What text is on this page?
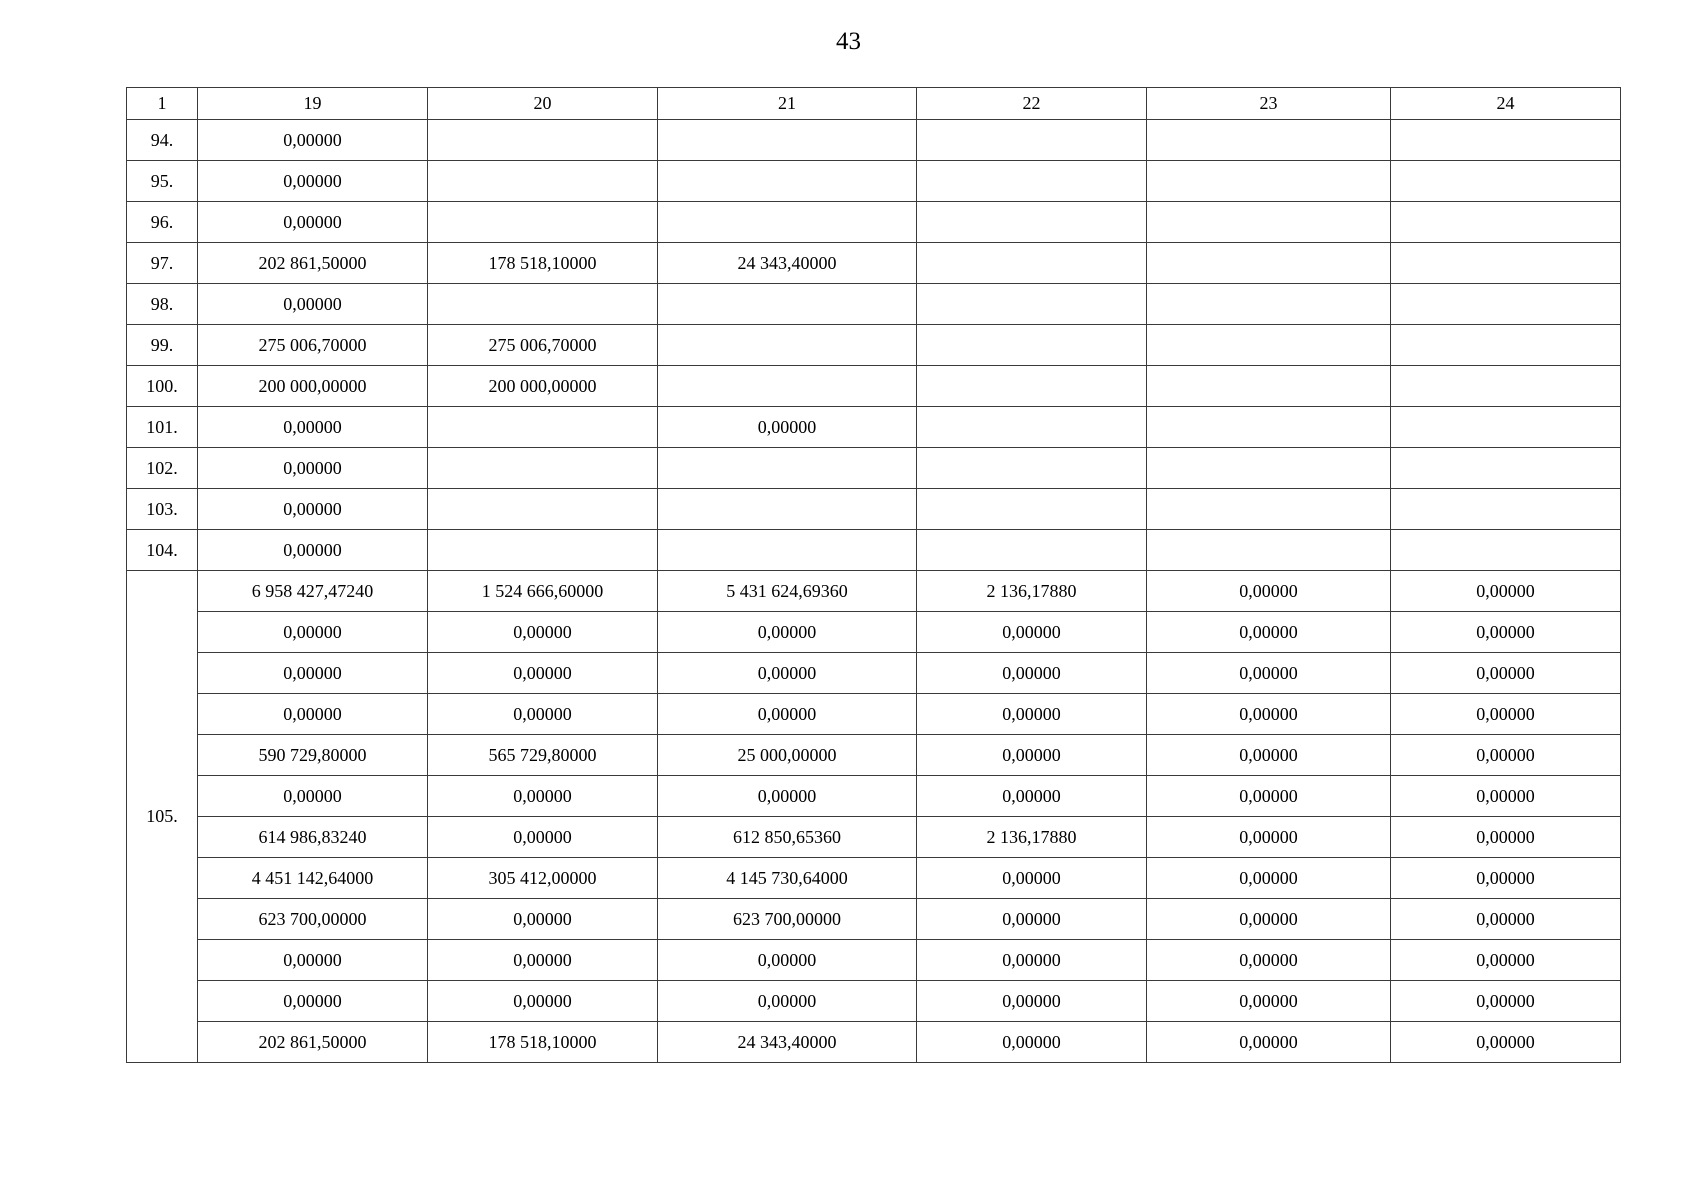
43
1	19	20	21	22	23	24
94.	0,00000					
95.	0,00000					
96.	0,00000					
97.	202 861,50000	178 518,10000	24 343,40000			
98.	0,00000					
99.	275 006,70000	275 006,70000				
100.	200 000,00000	200 000,00000				
101.	0,00000		0,00000			
102.	0,00000					
103.	0,00000					
104.	0,00000					
105.	6 958 427,47240	1 524 666,60000	5 431 624,69360	2 136,17880	0,00000	0,00000
	0,00000	0,00000	0,00000	0,00000	0,00000	0,00000
	0,00000	0,00000	0,00000	0,00000	0,00000	0,00000
	0,00000	0,00000	0,00000	0,00000	0,00000	0,00000
	590 729,80000	565 729,80000	25 000,00000	0,00000	0,00000	0,00000
	0,00000	0,00000	0,00000	0,00000	0,00000	0,00000
	614 986,83240	0,00000	612 850,65360	2 136,17880	0,00000	0,00000
	4 451 142,64000	305 412,00000	4 145 730,64000	0,00000	0,00000	0,00000
	623 700,00000	0,00000	623 700,00000	0,00000	0,00000	0,00000
	0,00000	0,00000	0,00000	0,00000	0,00000	0,00000
	0,00000	0,00000	0,00000	0,00000	0,00000	0,00000
	202 861,50000	178 518,10000	24 343,40000	0,00000	0,00000	0,00000
